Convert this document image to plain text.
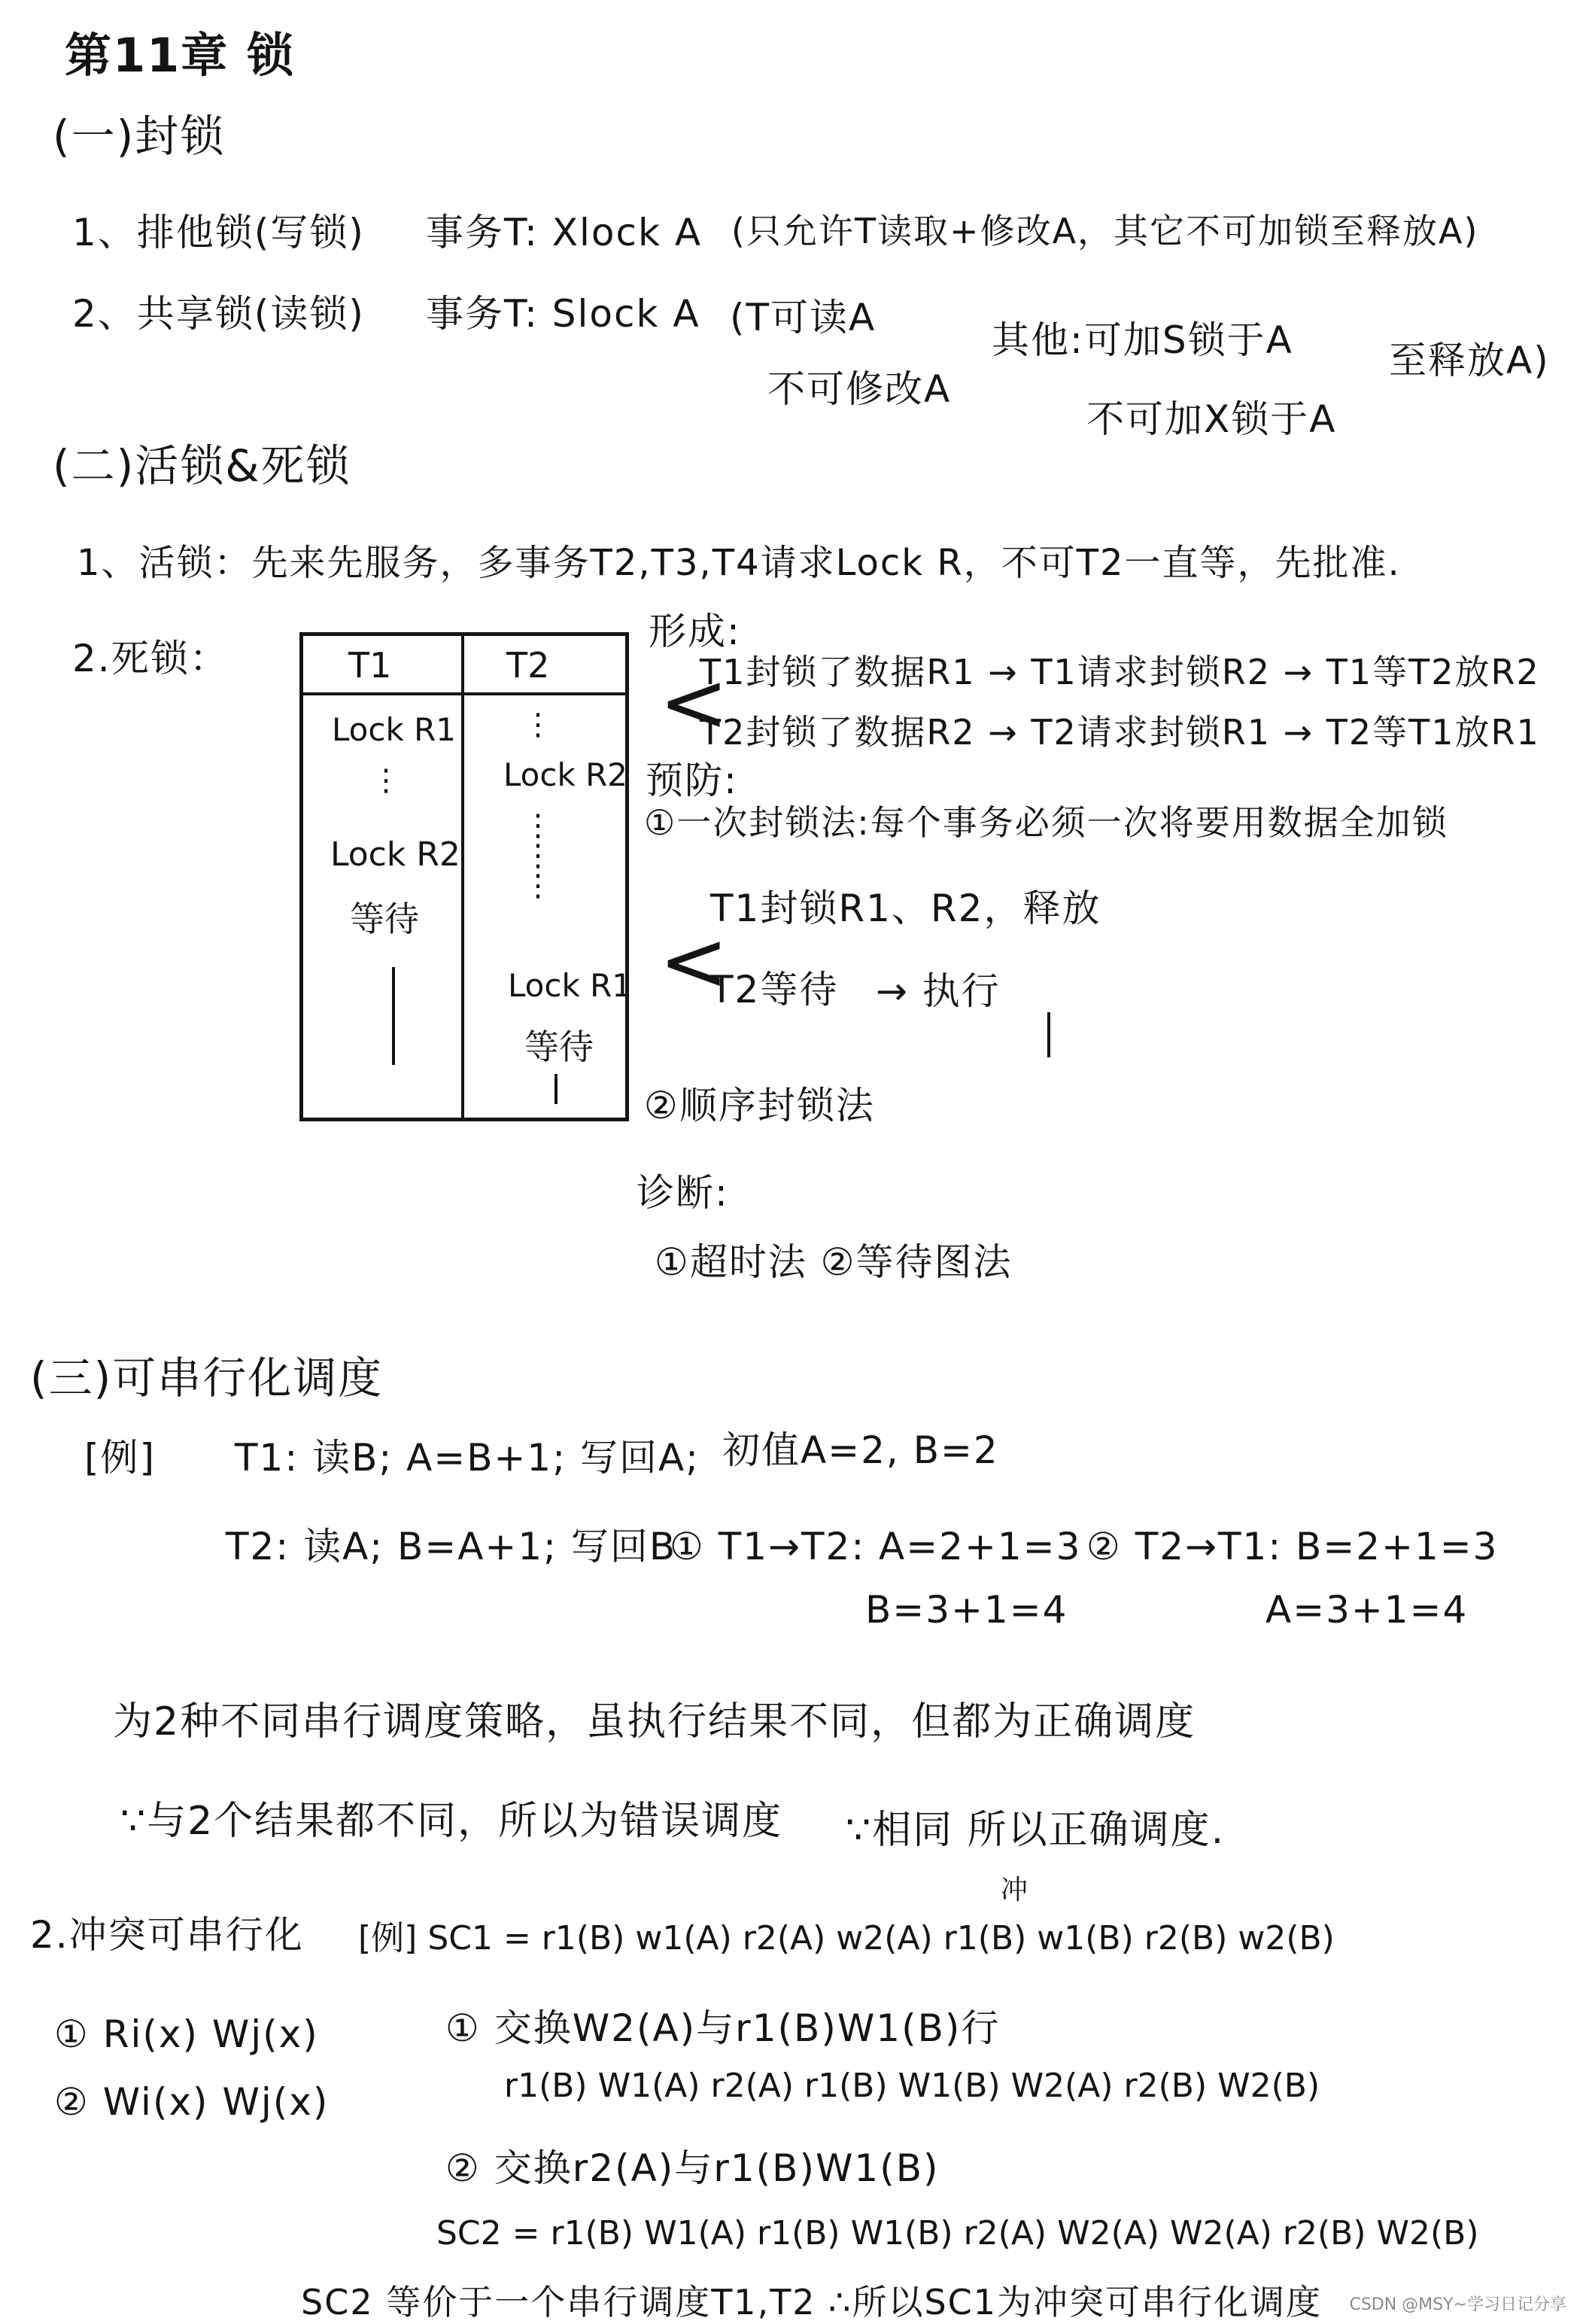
第11章 锁
(一)封锁
1、排他锁(写锁) 事务T: Xlock A (只允许T读取+修改A，其它不可加锁至释放A)
2、共享锁(读锁) 事务T: Slock A (T可读A
不可修改A
其他:可加S锁于A
不可加X锁于A
至释放A)
(二)活锁&死锁
1、活锁：先来先服务，多事务T2,T3,T4请求Lock R，不可T2一直等，先批准.
2.死锁：	T1	T2
Lock R1
⋮
Lock R2
等待
⋮
Lock R2
⋮
⋮
⋮
Lock R1
等待
形成:
<
T1封锁了数据R1 → T1请求封锁R2 → T1等T2放R2
T2封锁了数据R2 → T2请求封锁R1 → T2等T1放R1
预防:
①一次封锁法:每个事务必须一次将要用数据全加锁
<
T1封锁R1、R2，释放
T2等待 → 执行
②顺序封锁法
诊断:
①超时法 ②等待图法
(三)可串行化调度
[例] T1: 读B; A=B+1; 写回A; 初值A=2, B=2
T2: 读A; B=A+1; 写回B
① T1→T2: A=2+1=3
B=3+1=4
② T2→T1: B=2+1=3
A=3+1=4
为2种不同串行调度策略，虽执行结果不同，但都为正确调度
∵与2个结果都不同，所以为错误调度 ∵相同 所以正确调度.
2.冲突可串行化
冲
[例] SC1 = r1(B) w1(A) r2(A) w2(A) r1(B) w1(B) r2(B) w2(B)
① Ri(x) Wj(x)
② Wi(x) Wj(x)
① 交换W2(A)与r1(B)W1(B)行
r1(B) W1(A) r2(A) r1(B) W1(B) W2(A) r2(B) W2(B)
② 交换r2(A)与r1(B)W1(B)
SC2 = r1(B) W1(A) r1(B) W1(B) r2(A) W2(A) W2(A) r2(B) W2(B)
SC2 等价于一个串行调度T1,T2 ∴所以SC1为冲突可串行化调度 CSDN @MSY~学习日记分享
